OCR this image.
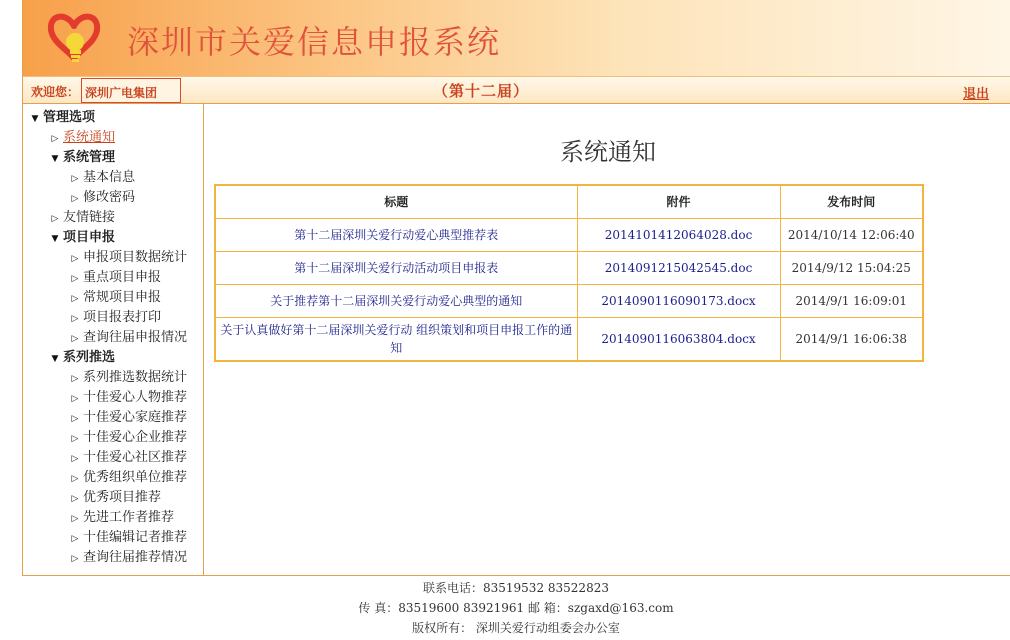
深圳市关爱信息申报系统
欢迎您： 深圳广电集团	（第十二届）	退出
▼ 管理选项
▷ 系统通知
▼ 系统管理
▷ 基本信息
▷ 修改密码
▷ 友情链接
▼ 项目申报
▷ 申报项目数据统计
▷ 重点项目申报
▷ 常规项目申报
▷ 项目报表打印
▷ 查询往届申报情况
▼ 系列推选
▷ 系列推选数据统计
▷ 十佳爱心人物推荐
▷ 十佳爱心家庭推荐
▷ 十佳爱心企业推荐
▷ 十佳爱心社区推荐
▷ 优秀组织单位推荐
▷ 优秀项目推荐
▷ 先进工作者推荐
▷ 十佳编辑记者推荐
▷ 查询往届推荐情况
系统通知
标题	附件	发布时间
第十二届深圳关爱行动爱心典型推荐表	2014101412064028.doc	2014/10/14 12:06:40
第十二届深圳关爱行动活动项目申报表	2014091215042545.doc	2014/9/12 15:04:25
关于推荐第十二届深圳关爱行动爱心典型的通知	2014090116090173.docx	2014/9/1 16:09:01
关于认真做好第十二届深圳关爱行动 组织策划和项目申报工作的通知	2014090116063804.docx	2014/9/1 16:06:38
联系电话：83519532 83522823
传 真：83519600 83921961 邮 箱：szgaxd@163.com
版权所有： 深圳关爱行动组委会办公室
